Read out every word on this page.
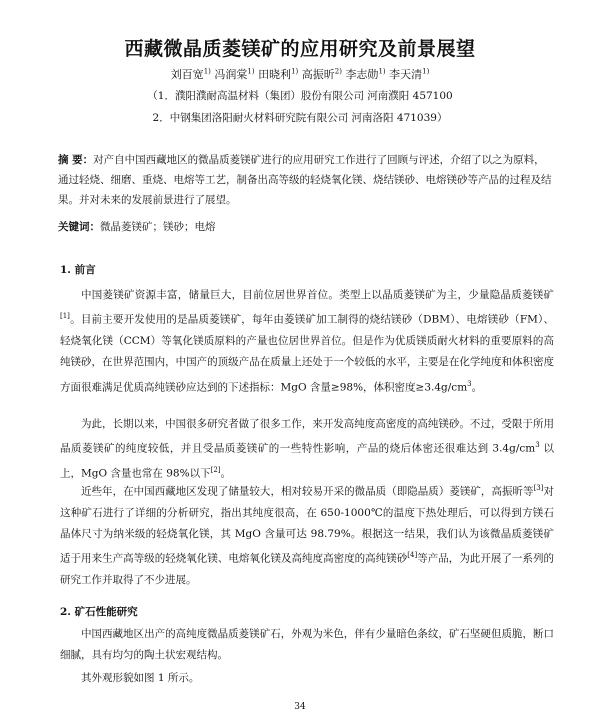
西藏微晶质菱镁矿的应用研究及前景展望
刘百宽$^{1)}$ 冯润棠$^{1)}$ 田晓利$^{1)}$ 高振昕$^{2)}$ 李志勋$^{1)}$ 李天清$^{1)}$
（1．濮阳濮耐高温材料（集团）股份有限公司 河南濮阳 457100
2．中钢集团洛阳耐火材料研究院有限公司 河南洛阳 471039）
摘 要：对产自中国西藏地区的微晶质菱镁矿进行的应用研究工作进行了回顾与评述，介绍了以之为原料，通过轻烧、细磨、重烧、电熔等工艺，制备出高等级的轻烧氧化镁、烧结镁砂、电熔镁砂等产品的过程及结果。并对未来的发展前景进行了展望。
关键词：微晶菱镁矿；镁砂；电熔
1. 前言
中国菱镁矿资源丰富，储量巨大，目前位居世界首位。类型上以晶质菱镁矿为主，少量隐晶质菱镁矿[1]。目前主要开发使用的是晶质菱镁矿，每年由菱镁矿加工制得的烧结镁砂（DBM）、电熔镁砂（FM）、轻烧氧化镁（CCM）等氧化镁质原料的产量也位居世界首位。但是作为优质镁质耐火材料的重要原料的高纯镁砂，在世界范围内，中国产的顶级产品在质量上还处于一个较低的水平，主要是在化学纯度和体积密度方面很难满足优质高纯镁砂应达到的下述指标：MgO 含量≥98%，体积密度$\ge 3.4g/cm^3$。
为此，长期以来，中国很多研究者做了很多工作，来开发高纯度高密度的高纯镁砂。不过，受限于所用晶质菱镁矿的纯度较低，并且受晶质菱镁矿的一些特性影响，产品的烧后体密还很难达到 $3.4g/cm^3$ 以上，MgO 含量也常在 98%以下[2]。
近些年，在中国西藏地区发现了储量较大，相对较易开采的微晶质（即隐晶质）菱镁矿，高振昕等[3]对这种矿石进行了详细的分析研究，指出其纯度很高，在 650-1000℃的温度下热处理后，可以得到方镁石晶体尺寸为纳米级的轻烧氧化镁，其 MgO 含量可达 98.79%。根据这一结果，我们认为该微晶质菱镁矿适于用来生产高等级的轻烧氧化镁、电熔氧化镁及高纯度高密度的高纯镁砂[4]等产品，为此开展了一系列的研究工作并取得了不少进展。
2. 矿石性能研究
中国西藏地区出产的高纯度微晶质菱镁矿石，外观为米色，伴有少量暗色条纹，矿石坚硬但质脆，断口细腻，具有均匀的陶土状宏观结构。
其外观形貌如图 1 所示。
34
